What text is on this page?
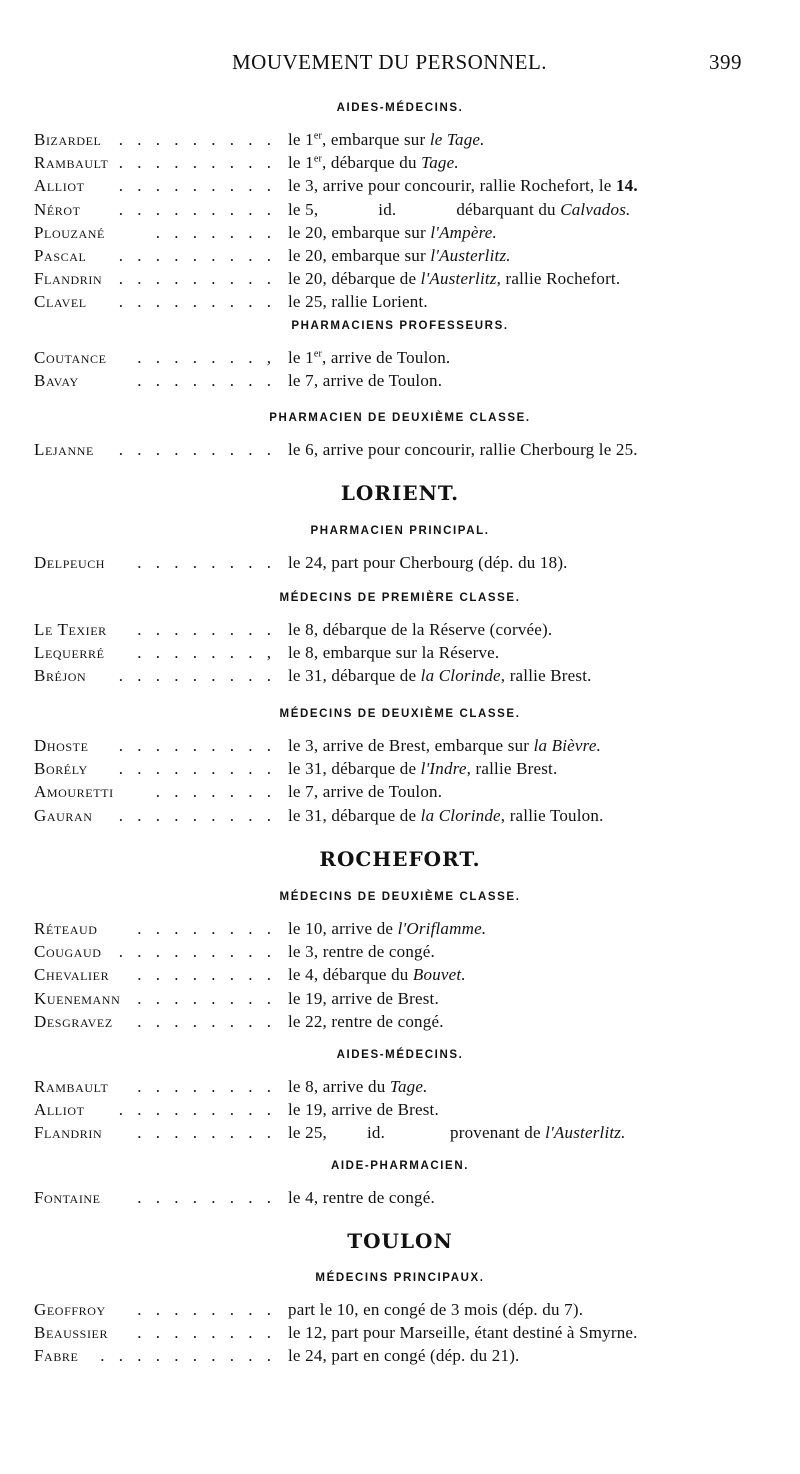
MOUVEMENT DU PERSONNEL.	399
AIDES-MÉDECINS.
Bizardel . . . . . . . . . le 1er, embarque sur le Tage.
Rambault . . . . . . . . . le 1er, débarque du Tage.
Alliot . . . . . . . . . le 3, arrive pour concourir, rallie Rochefort, le 14.
Nérot . . . . . . . . . le 5,	id.	débarquant du Calvados.
Plouzané	. . . . . . . le 20, embarque sur l'Ampère.
Pascal . . . . . . . . . le 20, embarque sur l'Austerlitz.
Flandrin . . . . . . . . . le 20, débarque de l'Austerlitz, rallie Rochefort.
Clavel . . . . . . . . . le 25, rallie Lorient.
PHARMACIENS PROFESSEURS.
Coutance . . . . . . . , le 1er, arrive de Toulon.
Bavay	. . . . . . . . le 7, arrive de Toulon.
PHARMACIEN DE DEUXIÈME CLASSE.
Lejanne . . . . . . . . . le 6, arrive pour concourir, rallie Cherbourg le 25.
LORIENT.
PHARMACIEN PRINCIPAL.
Delpeuch . . . . . . . . le 24, part pour Cherbourg (dép. du 18).
MÉDECINS DE PREMIÈRE CLASSE.
Le Texier . . . . . . . . le 8, débarque de la Réserve (corvée).
Lequerré . . . . . . . , le 8, embarque sur la Réserve.
Bréjon . . . . . . . . . le 31, débarque de la Clorinde, rallie Brest.
MÉDECINS DE DEUXIÈME CLASSE.
Dhoste . . . . . . . . . le 3, arrive de Brest, embarque sur la Bièvre.
Borély . . . . . . . . . le 31, débarque de l'Indre, rallie Brest.
Amouretti . . . . . . . le 7, arrive de Toulon.
Gauran . . . . . . . . . le 31, débarque de la Clorinde, rallie Toulon.
ROCHEFORT.
MÉDECINS DE DEUXIÈME CLASSE.
Réteaud . . . . . . . . le 10, arrive de l'Oriflamme.
Cougaud . . . . . . . . . le 3, rentre de congé.
Chevalier . . . . . . . . le 4, débarque du Bouvet.
Kuenemann . . . . . . . . le 19, arrive de Brest.
Desgravez . . . . . . . . le 22, rentre de congé.
AIDES-MÉDECINS.
Rambault . . . . . . . . le 8, arrive du Tage.
Alliot . . . . . . . . . le 19, arrive de Brest.
Flandrin . . . . . . . . le 25, id.	provenant de l'Austerlitz.
AIDE-PHARMACIEN.
Fontaine . . . . . . . . le 4, rentre de congé.
TOULON
MÉDECINS PRINCIPAUX.
Geoffroy . . . . . . . . part le 10, en congé de 3 mois (dép. du 7).
Beaussier . . . . . . . . le 12, part pour Marseille, étant destiné à Smyrne.
Fabre . . . . . . . . . . le 24, part en congé (dép. du 21).
